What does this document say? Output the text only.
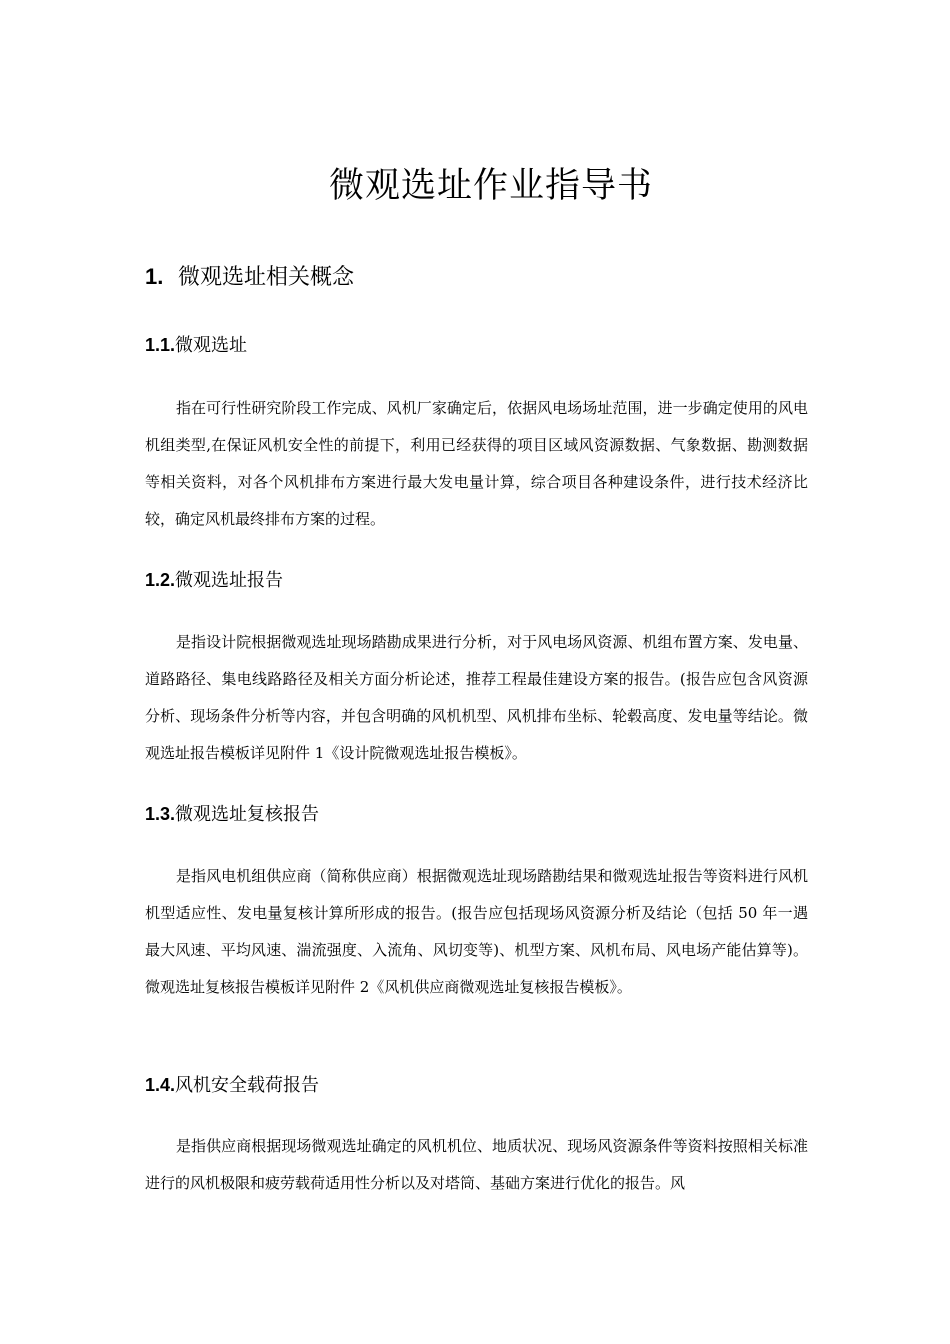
微观选址作业指导书
1. 微观选址相关概念
1.1.微观选址

指在可行性研究阶段工作完成、风机厂家确定后，依据风电场场址范围，进一步确定使用的风电机组类型,在保证风机安全性的前提下，利用已经获得的项目区域风资源数据、气象数据、勘测数据等相关资料，对各个风机排布方案进行最大发电量计算，综合项目各种建设条件，进行技术经济比较，确定风机最终排布方案的过程。

1.2.微观选址报告

是指设计院根据微观选址现场踏勘成果进行分析，对于风电场风资源、机组布置方案、发电量、道路路径、集电线路路径及相关方面分析论述，推荐工程最佳建设方案的报告。(报告应包含风资源分析、现场条件分析等内容，并包含明确的风机机型、风机排布坐标、轮毂高度、发电量等结论。微观选址报告模板详见附件 1《设计院微观选址报告模板》。

1.3.微观选址复核报告

是指风电机组供应商（简称供应商）根据微观选址现场踏勘结果和微观选址报告等资料进行风机机型适应性、发电量复核计算所形成的报告。(报告应包括现场风资源分析及结论（包括 50 年一遇最大风速、平均风速、湍流强度、入流角、风切变等)、机型方案、风机布局、风电场产能估算等)。微观选址复核报告模板详见附件 2《风机供应商微观选址复核报告模板》。

1.4.风机安全载荷报告

是指供应商根据现场微观选址确定的风机机位、地质状况、现场风资源条件等资料按照相关标准进行的风机极限和疲劳载荷适用性分析以及对塔筒、基础方案进行优化的报告。风
